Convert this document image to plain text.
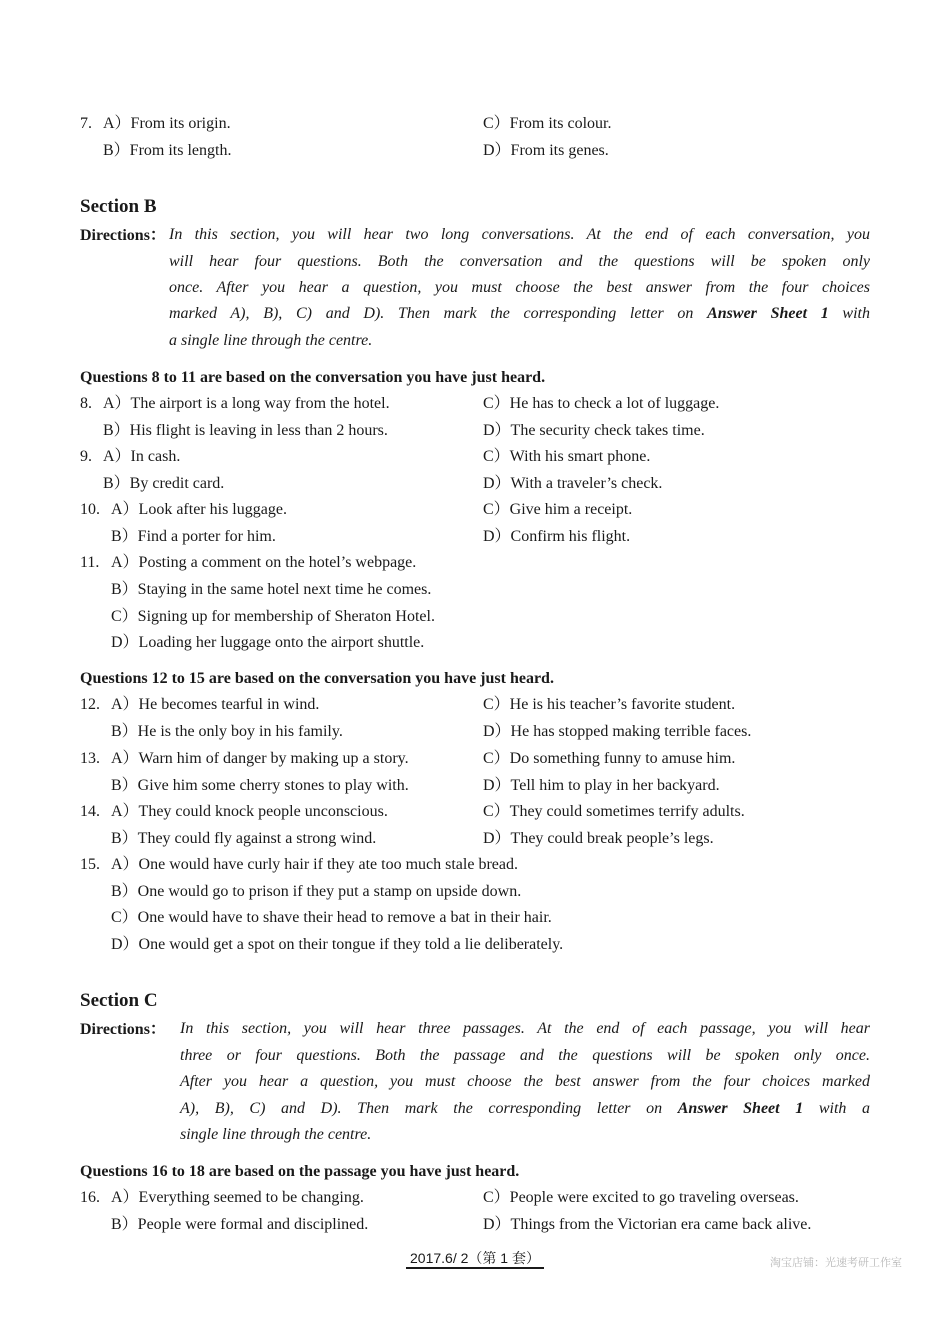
7. A）From its origin.
B）From its length.
C）From its colour.
D）From its genes.
Section B
Directions： In this section, you will hear two long conversations. At the end of each conversation, you
will hear four questions. Both the conversation and the questions will be spoken only
once. After you hear a question, you must choose the best answer from the four choices
marked A), B), C) and D). Then mark the corresponding letter on Answer Sheet 1 with
a single line through the centre.
Questions 8 to 11 are based on the conversation you have just heard.
8. A）The airport is a long way from the hotel.
B）His flight is leaving in less than 2 hours.
C）He has to check a lot of luggage.
D）The security check takes time.
9. A）In cash.
B）By credit card.
C）With his smart phone.
D）With a traveler’s check.
10. A）Look after his luggage.
B）Find a porter for him.
C）Give him a receipt.
D）Confirm his flight.
11. A）Posting a comment on the hotel’s webpage.
B）Staying in the same hotel next time he comes.
C）Signing up for membership of Sheraton Hotel.
D）Loading her luggage onto the airport shuttle.
Questions 12 to 15 are based on the conversation you have just heard.
12. A）He becomes tearful in wind.
B）He is the only boy in his family.
C）He is his teacher’s favorite student.
D）He has stopped making terrible faces.
13. A）Warn him of danger by making up a story.
B）Give him some cherry stones to play with.
C）Do something funny to amuse him.
D）Tell him to play in her backyard.
14. A）They could knock people unconscious.
B）They could fly against a strong wind.
C）They could sometimes terrify adults.
D）They could break people’s legs.
15. A）One would have curly hair if they ate too much stale bread.
B）One would go to prison if they put a stamp on upside down.
C）One would have to shave their head to remove a bat in their hair.
D）One would get a spot on their tongue if they told a lie deliberately.
Section C
Directions： In this section, you will hear three passages. At the end of each passage, you will hear
three or four questions. Both the passage and the questions will be spoken only once.
After you hear a question, you must choose the best answer from the four choices marked
A), B), C) and D). Then mark the corresponding letter on Answer Sheet 1 with a
single line through the centre.
Questions 16 to 18 are based on the passage you have just heard.
16. A）Everything seemed to be changing.
B）People were formal and disciplined.
C）People were excited to go traveling overseas.
D）Things from the Victorian era came back alive.
2017.6/ 2（第 1 套）	淘宝店铺：光速考研工作室
